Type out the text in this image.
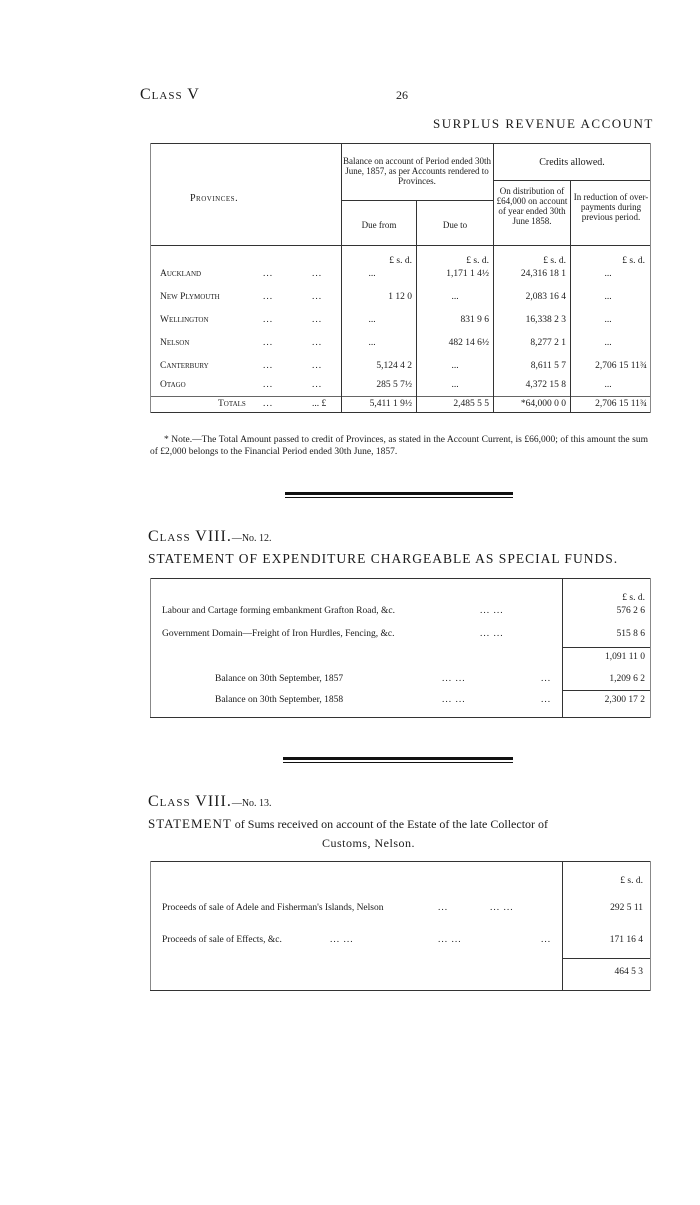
Class V	26
SURPLUS REVENUE ACCOUNT
Provinces.
Balance on account of Period ended 30th June, 1857, as per Accounts rendered to Provinces.
Due from	Due to
Credits allowed.
On distribution of £64,000 on account of year ended 30th June 1858.
In reduction of over-payments during previous period.
£ s. d.	£ s. d.	£ s. d.	£ s. d.
Auckland	...	...	...	1,171 1 4½	24,316 18 1	...
New Plymouth	...	...	1 12 0	...	2,083 16 4	...
Wellington	...	...	...	831 9 6	16,338 2 3	...
Nelson	...	...	...	482 14 6½	8,277 2 1	...
Canterbury	...	...	5,124 4 2	...	8,611 5 7	2,706 15 11¾
Otago	...	...	285 5 7½	...	4,372 15 8	...
Totals ...	... £	5,411 1 9½	2,485 5 5	*64,000 0 0	2,706 15 11¾
* Note.—The Total Amount passed to credit of Provinces, as stated in the Account Current, is £66,000; of this amount the sum of £2,000 belongs to the Financial Period ended 30th June, 1857.
Class VIII.—No. 12.
STATEMENT OF EXPENDITURE CHARGEABLE AS SPECIAL FUNDS.
£ s. d.
Labour and Cartage forming embankment Grafton Road, &c.	... ...	576 2 6
Government Domain—Freight of Iron Hurdles, Fencing, &c.	... ...	515 8 6
1,091 11 0
Balance on 30th September, 1857	... ...	...	1,209 6 2
Balance on 30th September, 1858	... ...	...	2,300 17 2
Class VIII.—No. 13.
STATEMENT of Sums received on account of the Estate of the late Collector of
Customs, Nelson.
£ s. d.
Proceeds of sale of Adele and Fisherman's Islands, Nelson	...	... ...	292 5 11
Proceeds of sale of Effects, &c.	... ...	... ...	...	171 16 4
464 5 3
